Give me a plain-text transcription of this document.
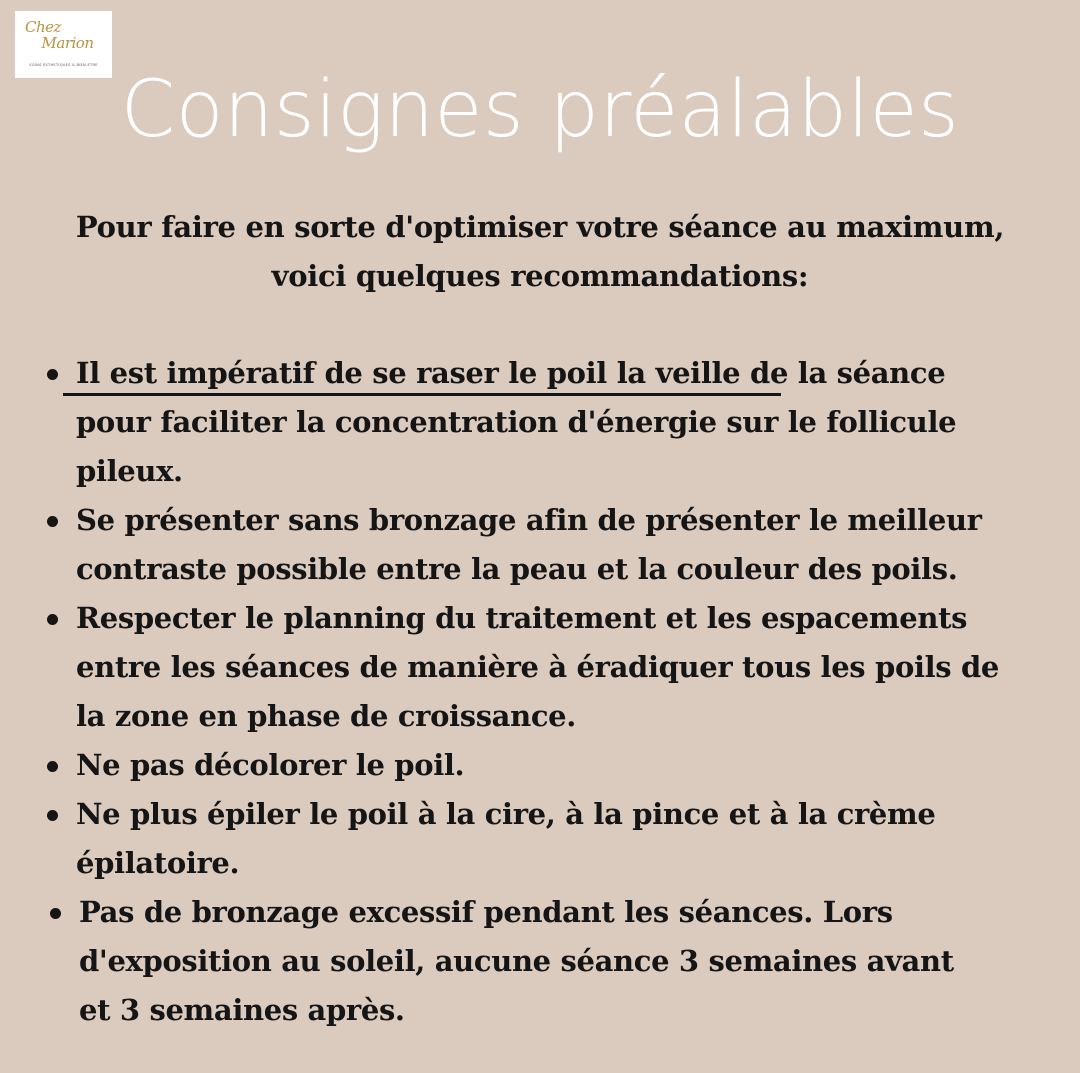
Chez
Marion
SOINS ESTHETIQUES & BIEN-ETRE Consignes préalables
Pour faire en sorte d'optimiser votre séance au maximum,
voici quelques recommandations:
Il est impératif de se raser le poil la veille de la séance
pour faciliter la concentration d'énergie sur le follicule
pileux.
Se présenter sans bronzage afin de présenter le meilleur
contraste possible entre la peau et la couleur des poils.
Respecter le planning du traitement et les espacements
entre les séances de manière à éradiquer tous les poils de
la zone en phase de croissance.
Ne pas décolorer le poil.
Ne plus épiler le poil à la cire, à la pince et à la crème
épilatoire.
Pas de bronzage excessif pendant les séances. Lors
d'exposition au soleil, aucune séance 3 semaines avant
et 3 semaines après.
